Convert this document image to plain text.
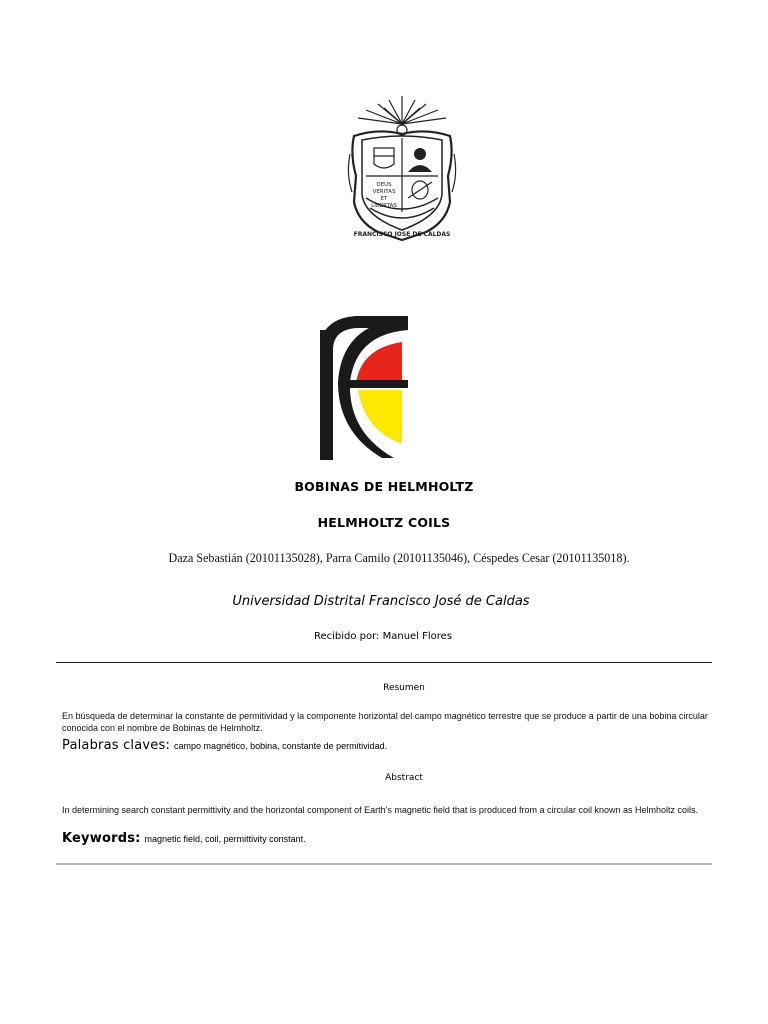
DEUS
VERITAS
ET
LIBERTAS
FRANCISCO JOSE DE CALDAS
BOBINAS DE HELMHOLTZ
HELMHOLTZ COILS
Daza Sebastián (20101135028), Parra Camilo (20101135046), Céspedes Cesar (20101135018).
Universidad Distrital Francisco José de Caldas
Recibido por: Manuel Flores
Resumen
En búsqueda de determinar la constante de permitividad y la componente horizontal del campo magnético terrestre que se produce a partir de una bobina circular conocida con el nombre de Bobinas de Helmholtz.
Palabras claves: campo magnético, bobina, constante de permitividad.
Abstract
In determining search constant permittivity and the horizontal component of Earth's magnetic field that is produced from a circular coil known as Helmholtz coils.
Keywords: magnetic field, coil, permittivity constant.
